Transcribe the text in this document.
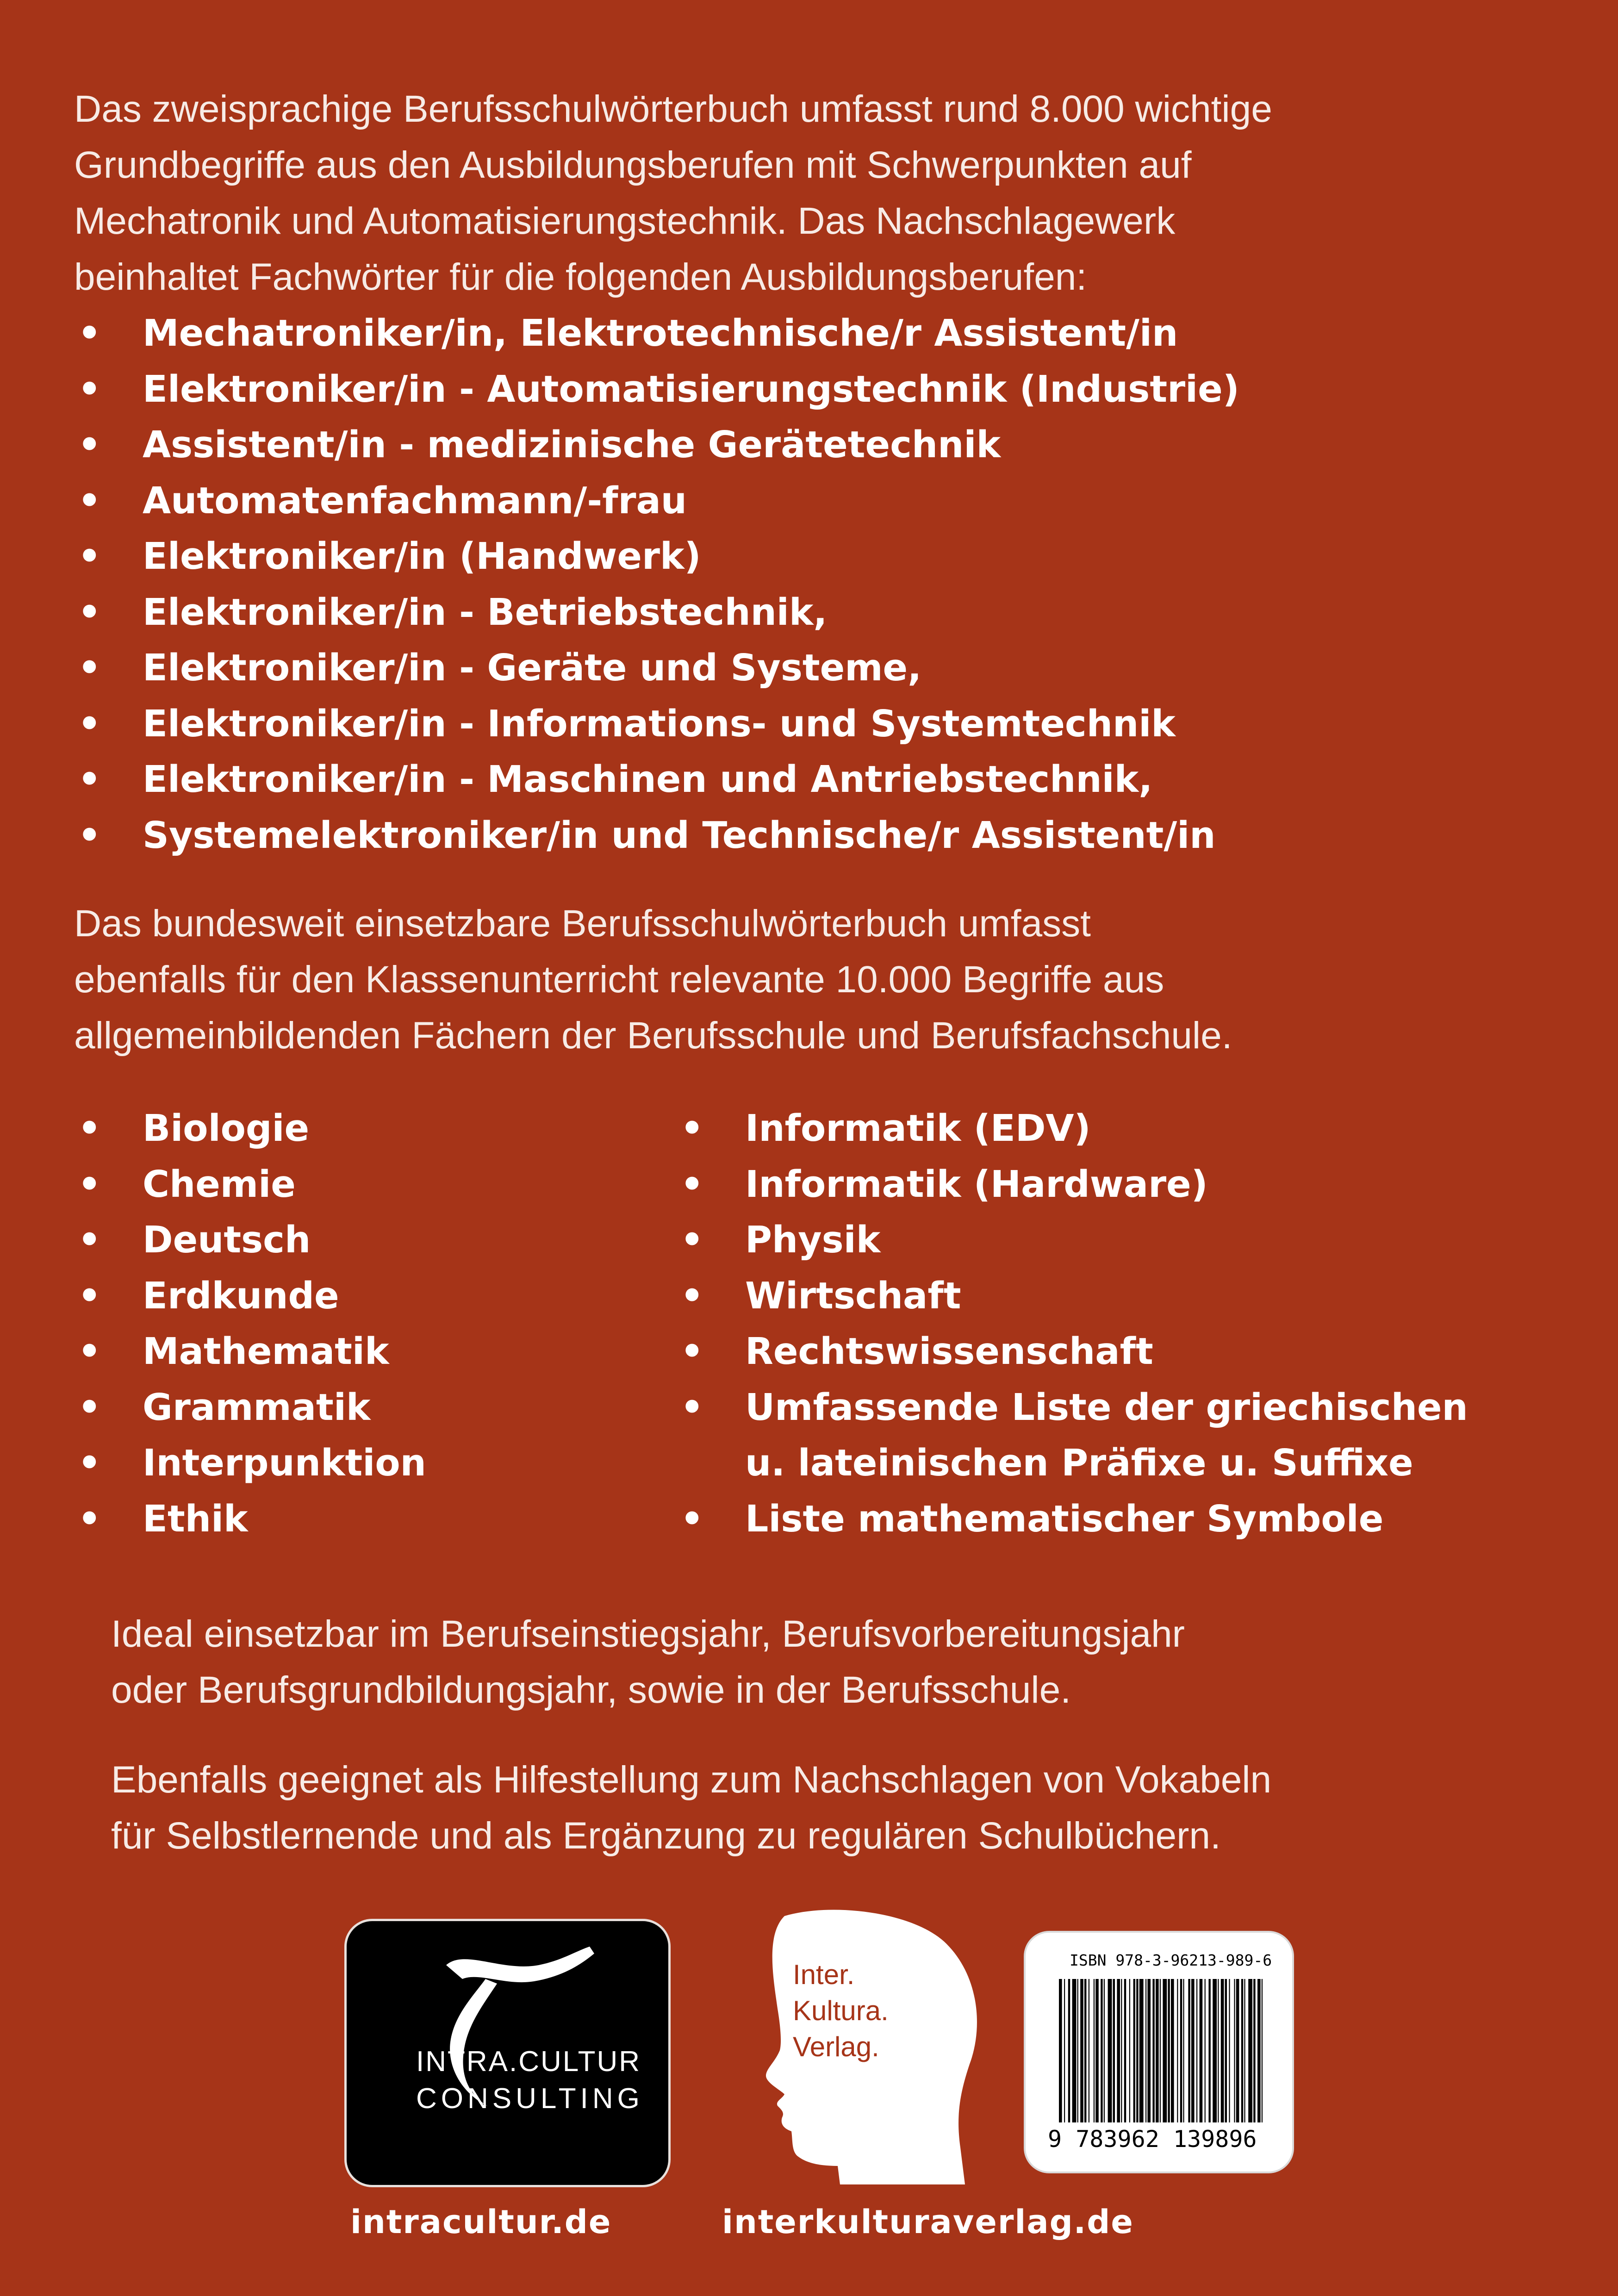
Das zweisprachige Berufsschulwörterbuch umfasst rund 8.000 wichtige
Grundbegriffe aus den Ausbildungsberufen mit Schwerpunkten auf
Mechatronik und Automatisierungstechnik. Das Nachschlagewerk
beinhaltet Fachwörter für die folgenden Ausbildungsberufen:
• Mechatroniker/in, Elektrotechnische/r Assistent/in
• Elektroniker/in - Automatisierungstechnik (Industrie)
• Assistent/in - medizinische Gerätetechnik
• Automatenfachmann/-frau
• Elektroniker/in (Handwerk)
• Elektroniker/in - Betriebstechnik,
• Elektroniker/in - Geräte und Systeme,
• Elektroniker/in - Informations- und Systemtechnik
• Elektroniker/in - Maschinen und Antriebstechnik,
• Systemelektroniker/in und Technische/r Assistent/in
Das bundesweit einsetzbare Berufsschulwörterbuch umfasst
ebenfalls für den Klassenunterricht relevante 10.000 Begriffe aus
allgemeinbildenden Fächern der Berufsschule und Berufsfachschule.
• Biologie
• Chemie
• Deutsch
• Erdkunde
• Mathematik
• Grammatik
• Interpunktion
• Ethik
• Informatik (EDV)
• Informatik (Hardware)
• Physik
• Wirtschaft
• Rechtswissenschaft
• Umfassende Liste der griechischen
u. lateinischen Präfixe u. Suffixe
• Liste mathematischer Symbole
Ideal einsetzbar im Berufseinstiegsjahr, Berufsvorbereitungsjahr
oder Berufsgrundbildungsjahr, sowie in der Berufsschule.
Ebenfalls geeignet als Hilfestellung zum Nachschlagen von Vokabeln
für Selbstlernende und als Ergänzung zu regulären Schulbüchern.
INTRA.CULTUR
CONSULTING
Inter.
Kultura.
Verlag.
ISBN 978-3-96213-989-6
9 783962 139896
intracultur.de	interkulturaverlag.de
